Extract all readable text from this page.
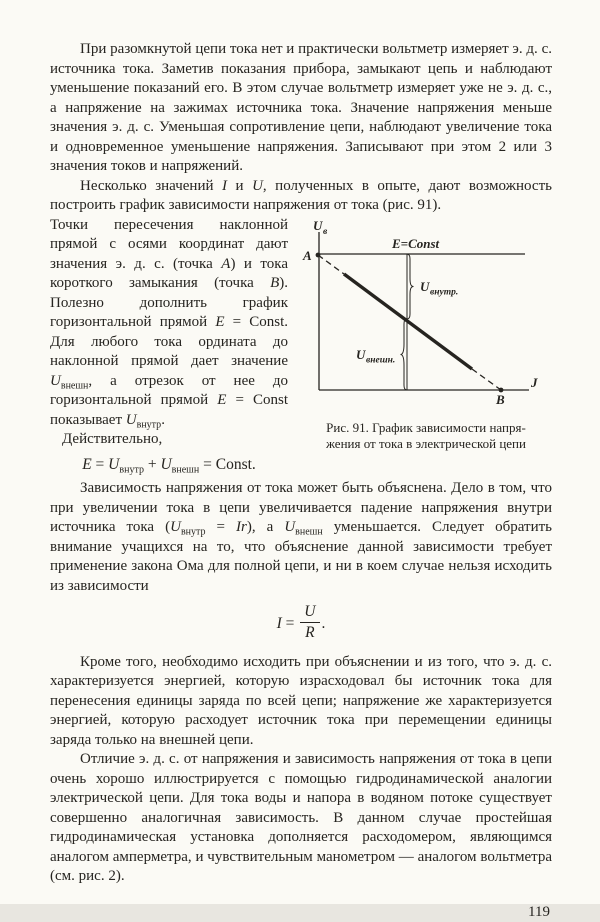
При разомкнутой цепи тока нет и практически вольтметр измеряет э. д. с. источника тока. Заметив показания прибора, замыкают цепь и наблюдают уменьшение показаний его. В этом случае вольтметр измеряет уже не э. д. с., а напряжение на зажимах источника тока. Значение напряжения меньше значения э. д. с. Уменьшая сопротивление цепи, наблюдают увеличение тока и одновременное уменьшение напряжения. Записывают при этом 2 или 3 значения токов и напряжений.

Несколько значений I и U, полученных в опыте, дают возможность построить график зависимости напряжения от тока (рис. 91).

U в
E=Const
A
B
J
U внутр.
U внешн.
Рис. 91. График зависимости напря-
жения от тока в электрической цепи

Точки пересечения наклонной прямой с осями координат дают значения э. д. с. (точка A) и тока короткого замыкания (точка B). Полезно дополнить график горизонтальной прямой E = Const. Для любого тока ордината до наклонной прямой дает значение $U_{внешн}$, а отрезок от нее до горизонтальной прямой E = Const показывает $U_{внутр}$.

Действительно,

$E = U_{внутр} + U_{внешн}$ = Const.

Зависимость напряжения от тока может быть объяснена. Дело в том, что при увеличении тока в цепи увеличивается падение напряжения внутри источника тока $(U_{внутр} = Ir)$, а $U_{внешн}$ уменьшается. Следует обратить внимание учащихся на то, что объяснение данной зависимости требует применение закона Ома для полной цепи, и ни в коем случае нельзя исходить из зависимости

$I = \frac{U}{R}$ .

Кроме того, необходимо исходить при объяснении и из того, что э. д. с. характеризуется энергией, которую израсходовал бы источник тока для перенесения единицы заряда по всей цепи; напряжение же характеризуется энергией, которую расходует источник тока при перемещении единицы заряда только на внешней цепи.

Отличие э. д. с. от напряжения и зависимость напряжения от тока в цепи очень хорошо иллюстрируется с помощью гидродинамической аналогии электрической цепи. Для тока воды и напора в водяном потоке существует совершенно аналогичная зависимость. В данном случае простейшая гидродинамическая установка дополняется расходомером, являющимся аналогом амперметра, и чувствительным манометром — аналогом вольтметра (см. рис. 2).

119
